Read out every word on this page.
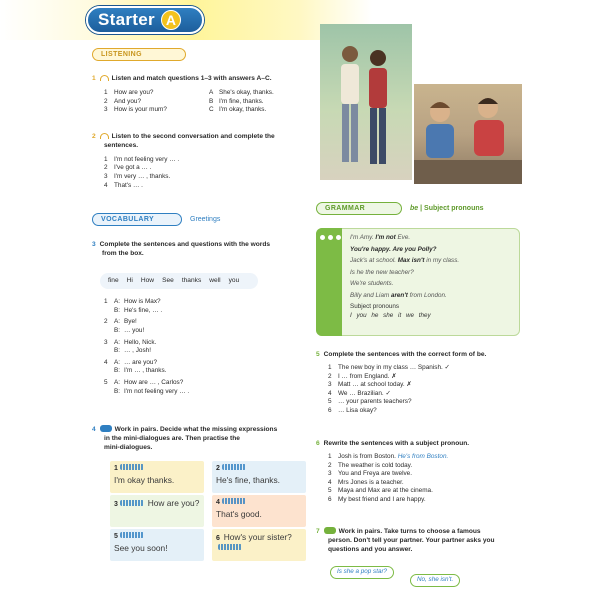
Starter A
LISTENING
1 Listen and match questions 1–3 with answers A–C.
1	How are you?	A She's okay, thanks.
2	And you?	B I'm fine, thanks.
3	How is your mum?	C I'm okay, thanks.
2 Listen to the second conversation and complete the
sentences.
1	I'm not feeling very … .
2	I've got a … .
3	I'm very … , thanks.
4	That's … .
VOCABULARY	Greetings
3 Complete the sentences and questions with the words
from the box.
fine Hi How See thanks well you
1	A: How is Max?
B: He's fine, … .
2	A: Bye!
B: … you!
3	A: Hello, Nick.
B: … , Josh!
4	A: … are you?
B: I'm … , thanks.
5	A: How are … , Carlos?
B: I'm not feeling very … .
4	Work in pairs. Decide what the missing expressions
in the mini-dialogues are. Then practise the
mini-dialogues.
1
I'm okay thanks.
2
He's fine, thanks.
3	How are you?	4
That's good.
5
See you soon!
6 How's your sister?
GRAMMAR	be | Subject pronouns
I'm Amy. I'm not Eve.
You're happy. Are you Polly?
Jack's at school. Max isn't in my class.
Is he the new teacher?
We're students.
Billy and Liam aren't from London.
Subject pronouns
I you he she it we they
5 Complete the sentences with the correct form of be.
1	The new boy in my class … Spanish. ✓
2	I … from England. ✗
3	Matt … at school today. ✗
4	We … Brazilian. ✓
5	… your parents teachers?
6	… Lisa okay?
6 Rewrite the sentences with a subject pronoun.
1	Josh is from Boston.
He's from Boston.
2	The weather is cold today.
3	You and Freya are twelve.
4	Mrs Jones is a teacher.
5	Maya and Max are at the cinema.
6	My best friend and I are happy.
7	Work in pairs. Take turns to choose a famous
person. Don't tell your partner. Your partner asks you
questions and you answer.
Is she a pop star?
No, she isn't.
